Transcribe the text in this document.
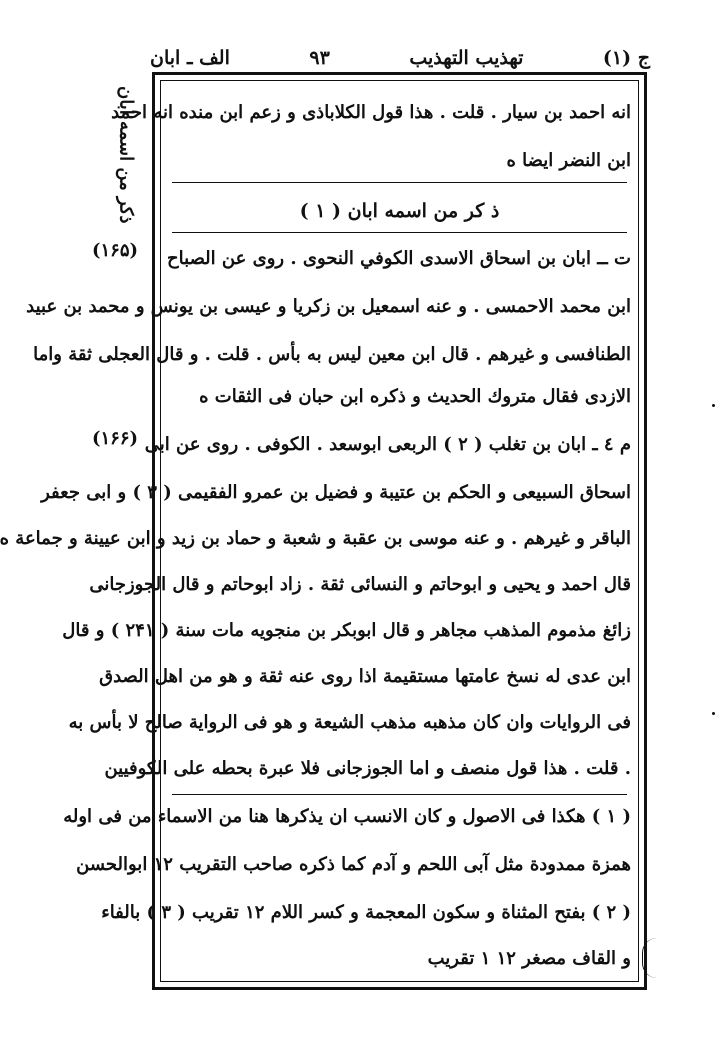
ج (۱)
تهذيب التهذيب
۹۳
الف ـ ابان
ذكر من اسمه ابان
(۱۶۵)
(۱۶۶)
انه احمد بن سيار . قلت . هذا قول الكلاباذى و زعم ابن منده انه احمد
ابن النضر ايضا ه
ذ كر من اسمه ابان ( ۱ )
ت ــ ابان بن اسحاق الاسدى الكوفي النحوى . روى عن الصباح
ابن محمد الاحمسى . و عنه اسمعيل بن زكريا و عيسى بن يونس و محمد بن عبيد
الطنافسى و غيرهم . قال ابن معين ليس به بأس . قلت . و قال العجلى ثقة واما
الازدى فقال متروك الحديث و ذكره ابن حبان فى الثقات ه
م ٤ ـ ابان بن تغلب ( ۲ ) الربعى ابوسعد . الكوفى . روى عن ابى
اسحاق السبيعى و الحكم بن عتيبة و فضيل بن عمرو الفقيمى ( ۳ ) و ابى جعفر
الباقر و غيرهم . و عنه موسى بن عقبة و شعبة و حماد بن زيد و ابن عيينة و جماعة ه
قال احمد و يحيى و ابوحاتم و النسائى ثقة . زاد ابوحاتم و قال الجوزجانى
زائغ مذموم المذهب مجاهر و قال ابوبكر بن منجويه مات سنة ( ۲۴۱ ) و قال
ابن عدى له نسخ عامتها مستقيمة اذا روى عنه ثقة و هو من اهل الصدق
فى الروايات وان كان مذهبه مذهب الشيعة و هو فى الرواية صالح لا بأس به
. قلت . هذا قول منصف و اما الجوزجانى فلا عبرة بحطه على الكوفيين
( ۱ ) هكذا فى الاصول و كان الانسب ان يذكرها هنا من الاسماء من فى اوله
همزة ممدودة مثل آبى اللحم و آدم كما ذكره صاحب التقريب ۱۲ ابوالحسن
( ۲ ) بفتح المثناة و سكون المعجمة و كسر اللام ۱۲ تقريب ( ۳ ) بالفاء
و القاف مصغر ۱۲ ۱ تقريب
